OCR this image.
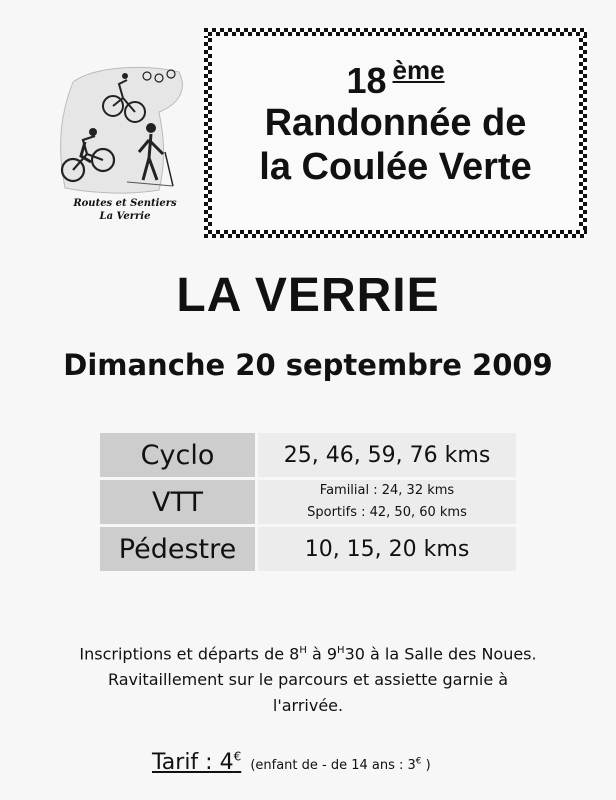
Routes et Sentiers
La Verrie
18 $^{ème}$
Randonnée de
la Coulée Verte
LA VERRIE
Dimanche 20 septembre 2009
Cyclo	25, 46, 59, 76 kms
VTT	Familial : 24, 32 kms
Sportifs : 42, 50, 60 kms

Pédestre	10, 15, 20 kms
Inscriptions et départs de $8^H$ à $9^H30$ à la Salle des Noues.
Ravitaillement sur le parcours et assiette garnie à
l'arrivée.
Tarif : 4€ (enfant de - de 14 ans : 3€ )
